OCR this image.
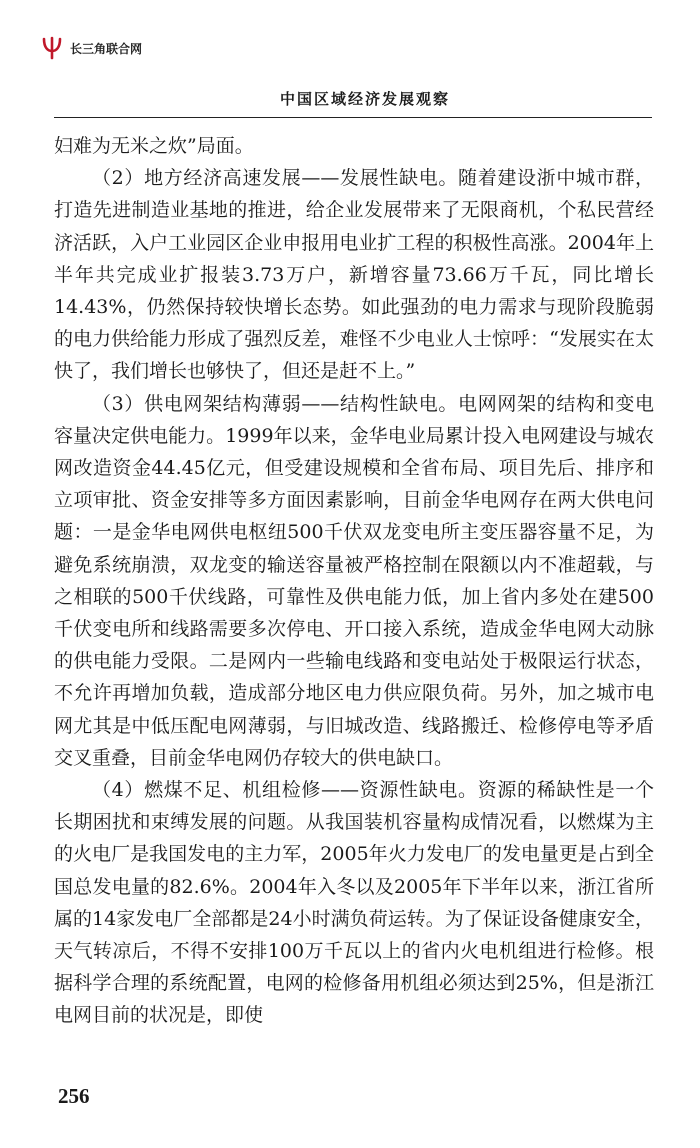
长三角联合网
中国区域经济发展观察

妇难为无米之炊”局面。

（2）地方经济高速发展——发展性缺电。随着建设浙中城市群，打造先进制造业基地的推进，给企业发展带来了无限商机，个私民营经济活跃，入户工业园区企业申报用电业扩工程的积极性高涨。2004年上半年共完成业扩报装3.73万户，新增容量73.66万千瓦，同比增长14.43%，仍然保持较快增长态势。如此强劲的电力需求与现阶段脆弱的电力供给能力形成了强烈反差，难怪不少电业人士惊呼：“发展实在太快了，我们增长也够快了，但还是赶不上。”

（3）供电网架结构薄弱——结构性缺电。电网网架的结构和变电容量决定供电能力。1999年以来，金华电业局累计投入电网建设与城农网改造资金44.45亿元，但受建设规模和全省布局、项目先后、排序和立项审批、资金安排等多方面因素影响，目前金华电网存在两大供电问题：一是金华电网供电枢纽500千伏双龙变电所主变压器容量不足，为避免系统崩溃，双龙变的输送容量被严格控制在限额以内不准超载，与之相联的500千伏线路，可靠性及供电能力低，加上省内多处在建500千伏变电所和线路需要多次停电、开口接入系统，造成金华电网大动脉的供电能力受限。二是网内一些输电线路和变电站处于极限运行状态，不允许再增加负载，造成部分地区电力供应限负荷。另外，加之城市电网尤其是中低压配电网薄弱，与旧城改造、线路搬迁、检修停电等矛盾交叉重叠，目前金华电网仍存较大的供电缺口。

（4）燃煤不足、机组检修——资源性缺电。资源的稀缺性是一个长期困扰和束缚发展的问题。从我国装机容量构成情况看，以燃煤为主的火电厂是我国发电的主力军，2005年火力发电厂的发电量更是占到全国总发电量的82.6%。2004年入冬以及2005年下半年以来，浙江省所属的14家发电厂全部都是24小时满负荷运转。为了保证设备健康安全，天气转凉后，不得不安排100万千瓦以上的省内火电机组进行检修。根据科学合理的系统配置，电网的检修备用机组必须达到25%，但是浙江电网目前的状况是，即使

256
